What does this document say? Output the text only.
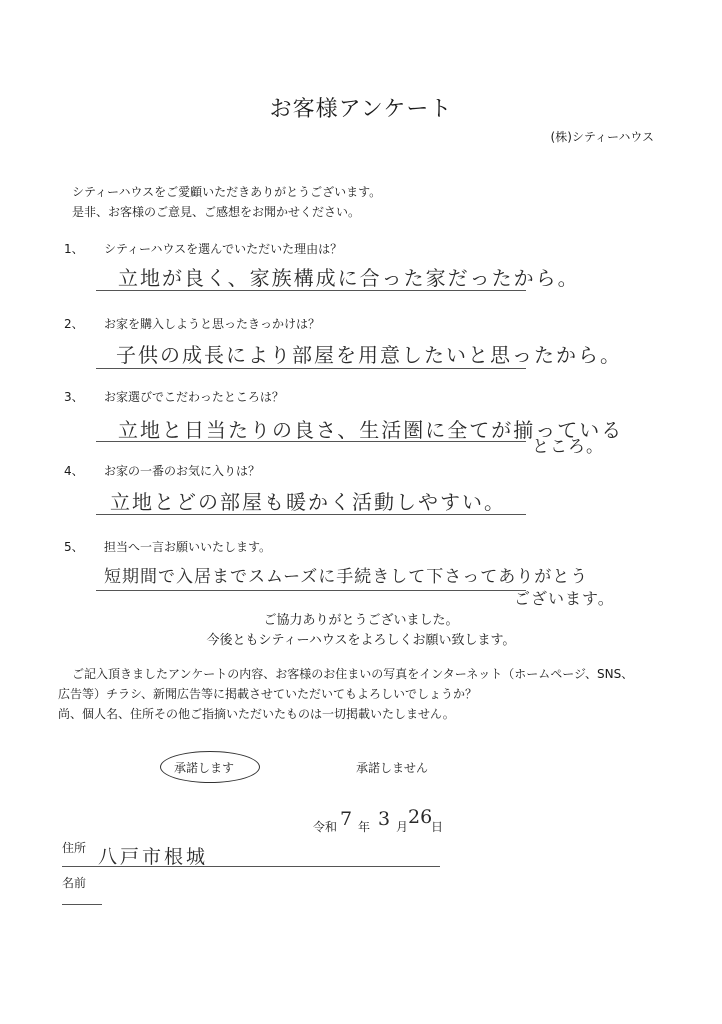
お客様アンケート
(株)シティーハウス
シティーハウスをご愛顧いただきありがとうございます。
是非、お客様のご意見、ご感想をお聞かせください。
1、 シティーハウスを選んでいただいた理由は？
立地が良く、家族構成に合った家だったから。
2、 お家を購入しようと思ったきっかけは？
子供の成長により部屋を用意したいと思ったから。
3、 お家選びでこだわったところは？
立地と日当たりの良さ、生活圏に全てが揃っている
ところ。
4、 お家の一番のお気に入りは？
立地とどの部屋も暖かく活動しやすい。
5、 担当へ一言お願いいたします。
短期間で入居までスムーズに手続きして下さってありがとう
ございます。
ご協力ありがとうございました。
今後ともシティーハウスをよろしくお願い致します。
ご記入頂きましたアンケートの内容、お客様のお住まいの写真をインターネット（ホームページ、SNS、
広告等）チラシ、新聞広告等に掲載させていただいてもよろしいでしょうか？
尚、個人名、住所その他ご指摘いただいたものは一切掲載いたしません。
承諾します	承諾しません
令和 7 年 3 月 26
日
住所 八戸市根城
名前
